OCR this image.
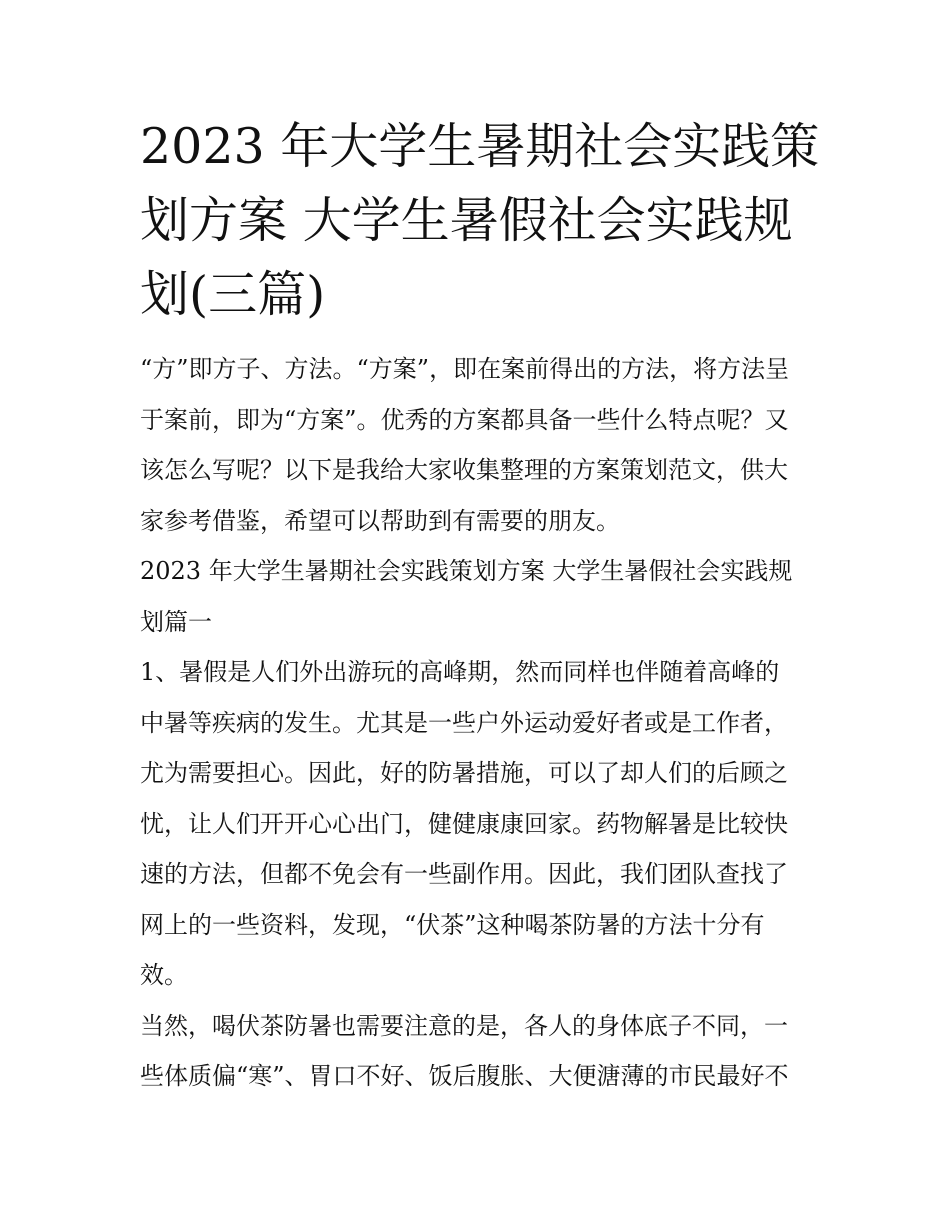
2023 年大学生暑期社会实践策
划方案 大学生暑假社会实践规
划(三篇)

“方”即方子、方法。“方案”，即在案前得出的方法，将方法呈
于案前，即为“方案”。优秀的方案都具备一些什么特点呢？又
该怎么写呢？以下是我给大家收集整理的方案策划范文，供大
家参考借鉴，希望可以帮助到有需要的朋友。

2023 年大学生暑期社会实践策划方案 大学生暑假社会实践规
划篇一

1、暑假是人们外出游玩的高峰期，然而同样也伴随着高峰的
中暑等疾病的发生。尤其是一些户外运动爱好者或是工作者，
尤为需要担心。因此，好的防暑措施，可以了却人们的后顾之
忧，让人们开开心心出门，健健康康回家。药物解暑是比较快
速的方法，但都不免会有一些副作用。因此，我们团队查找了
网上的一些资料，发现，“伏茶”这种喝茶防暑的方法十分有
效。

当然，喝伏茶防暑也需要注意的是，各人的身体底子不同，一
些体质偏“寒”、胃口不好、饭后腹胀、大便溏薄的市民最好不
